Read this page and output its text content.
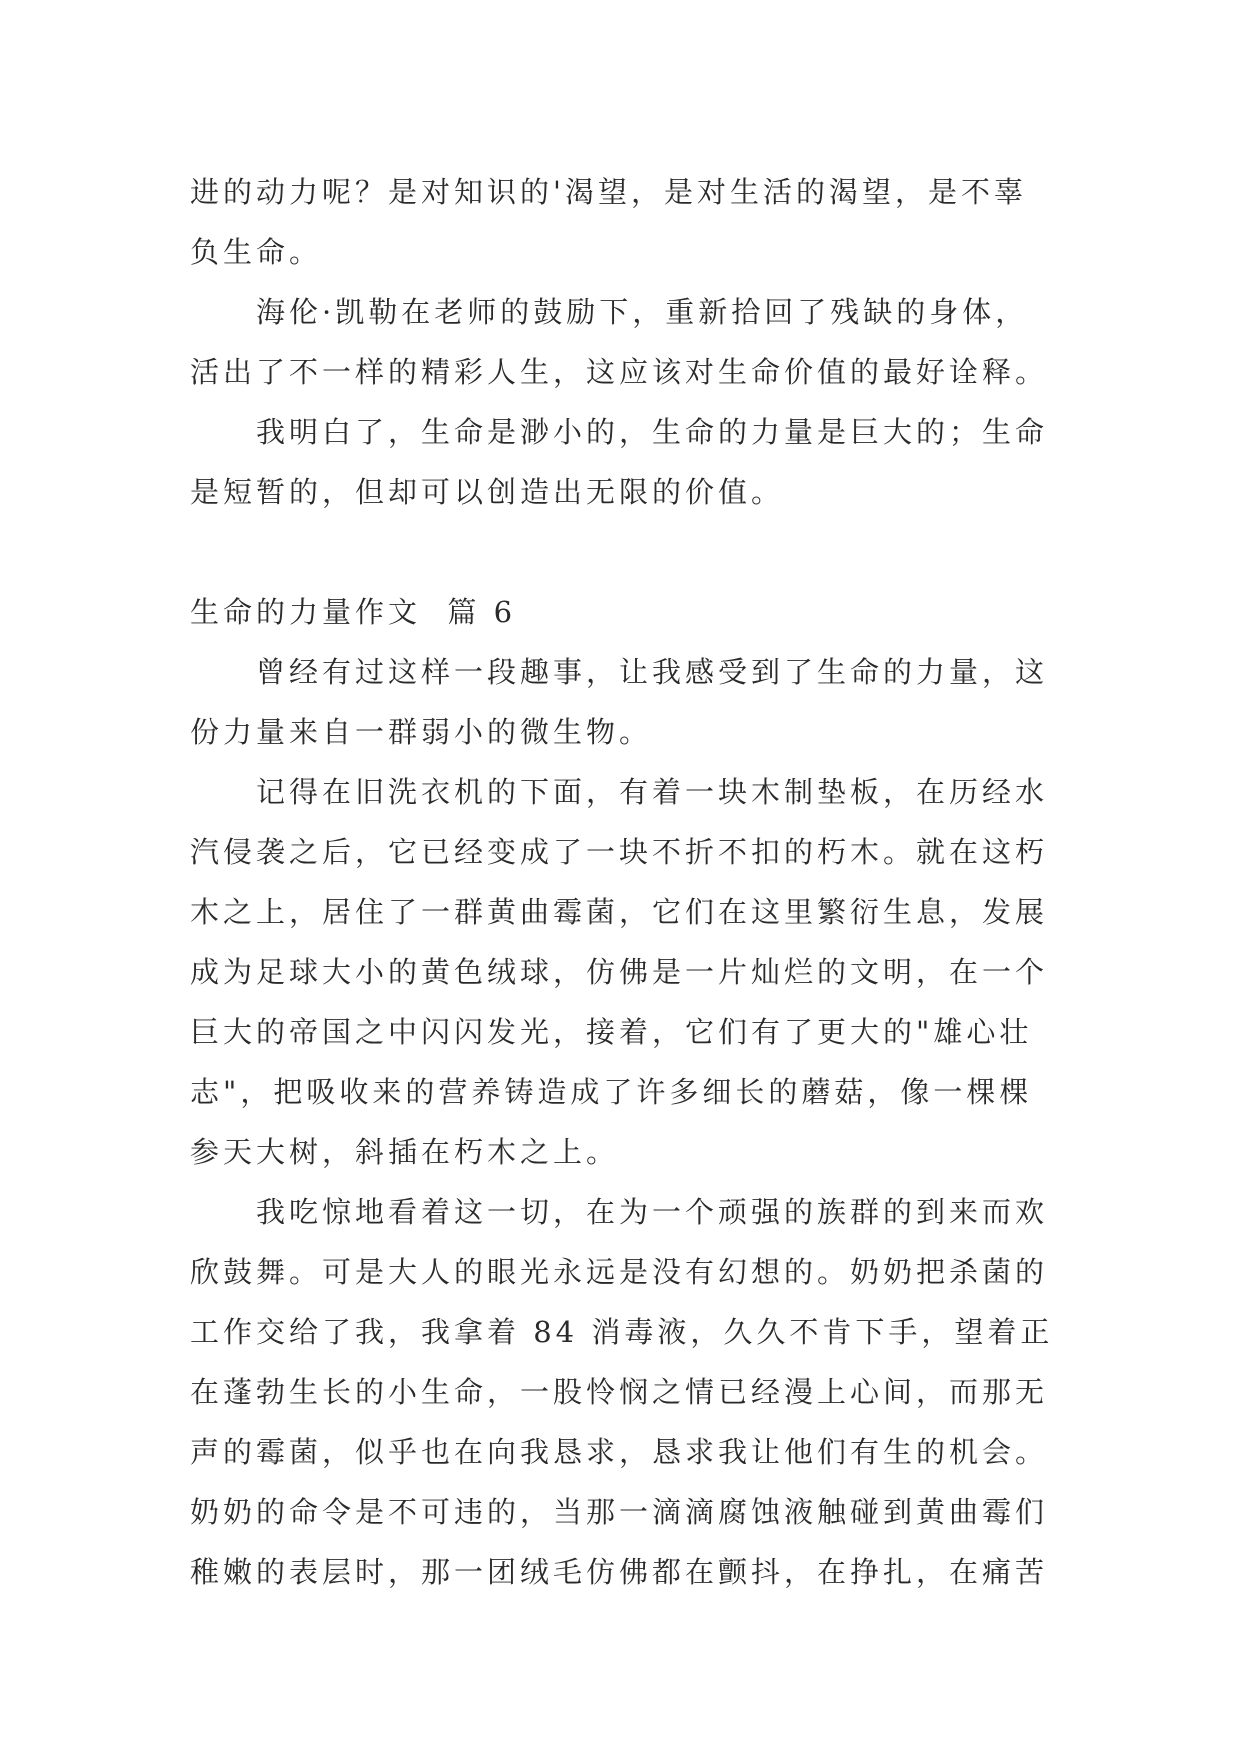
进的动力呢？是对知识的'渴望，是对生活的渴望，是不辜
负生命。

海伦·凯勒在老师的鼓励下，重新拾回了残缺的身体，
活出了不一样的精彩人生，这应该对生命价值的最好诠释。

我明白了，生命是渺小的，生命的力量是巨大的；生命
是短暂的，但却可以创造出无限的价值。

生命的力量作文  篇 6

曾经有过这样一段趣事，让我感受到了生命的力量，这
份力量来自一群弱小的微生物。

记得在旧洗衣机的下面，有着一块木制垫板，在历经水
汽侵袭之后，它已经变成了一块不折不扣的朽木。就在这朽
木之上，居住了一群黄曲霉菌，它们在这里繁衍生息，发展
成为足球大小的黄色绒球，仿佛是一片灿烂的文明，在一个
巨大的帝国之中闪闪发光，接着，它们有了更大的"雄心壮
志"，把吸收来的营养铸造成了许多细长的蘑菇，像一棵棵
参天大树，斜插在朽木之上。

我吃惊地看着这一切，在为一个顽强的族群的到来而欢
欣鼓舞。可是大人的眼光永远是没有幻想的。奶奶把杀菌的
工作交给了我，我拿着 84 消毒液，久久不肯下手，望着正
在蓬勃生长的小生命，一股怜悯之情已经漫上心间，而那无
声的霉菌，似乎也在向我恳求，恳求我让他们有生的机会。
奶奶的命令是不可违的，当那一滴滴腐蚀液触碰到黄曲霉们
稚嫩的表层时，那一团绒毛仿佛都在颤抖，在挣扎，在痛苦
